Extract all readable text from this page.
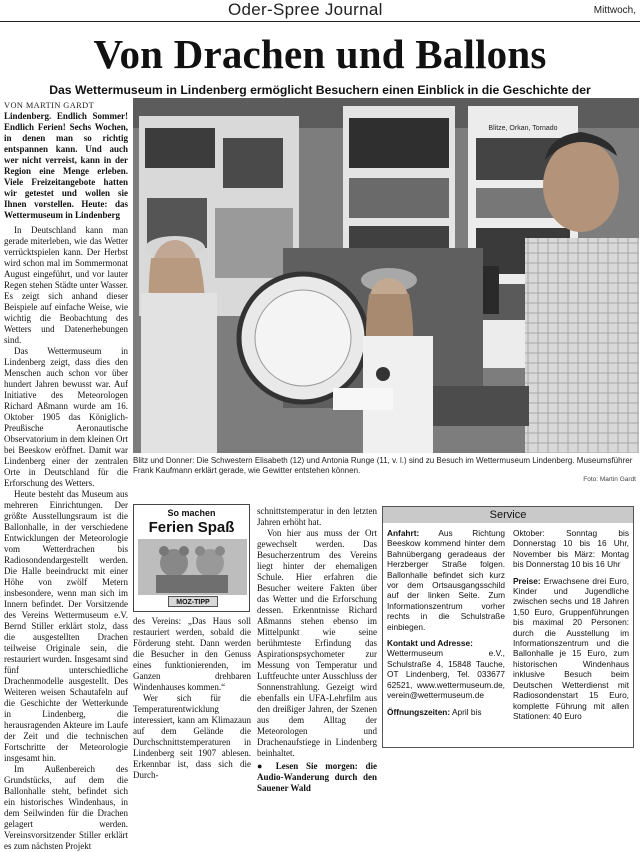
Oder-Spree Journal	Mittwoch,
Von Drachen und Ballons
Das Wettermuseum in Lindenberg ermöglicht Besuchern einen Einblick in die Geschichte der
VON MARTIN GARDT

Lindenberg. Endlich Sommer! Endlich Ferien! Sechs Wochen, in denen man so richtig entspannen kann. Und auch wer nicht verreist, kann in der Region eine Menge erleben. Viele Freizeitangebote hatten wir getestet und wollen sie Ihnen vorstellen. Heute: das Wettermuseum in Lindenberg

In Deutschland kann man gerade miterleben, wie das Wetter verrücktspielen kann. Der Herbst wird schon mal im Sommermonat August eingeführt, und vor lauter Regen stehen Städte unter Wasser. Es zeigt sich anhand dieser Beispiele auf einfache Weise, wie wichtig die Beobachtung des Wetters und Datenerhebungen sind.

Das Wettermuseum in Lindenberg zeigt, dass dies den Menschen auch schon vor über hundert Jahren bewusst war. Auf Initiative des Meteorologen Richard Aßmann wurde am 16. Oktober 1905 das Königlich-Preußische Aeronautische Observatorium in dem kleinen Ort bei Beeskow eröffnet. Damit war Lindenberg einer der zentralen Orte in Deutschland für die Erforschung des Wetters.

Heute besteht das Museum aus mehreren Einrichtungen. Der größte Ausstellungsraum ist die Ballonhalle, in der verschiedene Entwicklungen der Meteorologie vom Wetterdrachen bis Radiosondendargestellt werden. Die Halle beeindruckt mit einer Höhe von zwölf Metern insbesondere, wenn man sich im Innern befindet. Der Vorsitzende des Vereins Wettermuseum e.V. Bernd Stiller erklärt stolz, dass die ausgestellten Drachen teilweise Originale sein, die restauriert wurden. Insgesamt sind fünf unterschiedliche Drachenmodelle ausgestellt. Des Weiteren weisen Schautafeln auf die Geschichte der Wetterkunde in Lindenberg, die herausragenden Akteure im Laufe der Zeit und die technischen Fortschritte der Meteorologie insgesamt hin.

Im Außenbereich des Grundstücks, auf dem die Ballonhalle steht, befindet sich ein historisches Windenhaus, in dem Seilwinden für die Drachen gelagert werden. Vereinsvorsitzender Stiller erklärt es zum nächsten Projekt

Blitze, Orkan, Tornado
Blitz und Donner: Die Schwestern Elisabeth (12) und Antonia Runge (11, v. l.) sind zu Besuch im Wettermuseum Lindenberg. Museumsführer Frank Kaufmann erklärt gerade, wie Gewitter entstehen können.
Foto: Martin Gardt
So machen
Ferien Spaß
MOZ-TIPP

des Vereins: „Das Haus soll restauriert werden, sobald die Förderung steht. Dann werden die Besucher in den Genuss eines funktionierenden, im Ganzen drehbaren Windenhauses kommen.“

Wer sich für die Temperaturentwicklung interessiert, kann am Klimazaun auf dem Gelände die Durchschnittstemperaturen in Lindenberg seit 1907 ablesen. Erkennbar ist, dass sich die Durch-

schnittstemperatur in den letzten Jahren erhöht hat.

Von hier aus muss der Ort gewechselt werden. Das Besucherzentrum des Vereins liegt hinter der ehemaligen Schule. Hier erfahren die Besucher weitere Fakten über das Wetter und die Erforschung dessen. Erkenntnisse Richard Aßmanns stehen ebenso im Mittelpunkt wie seine berühmteste Erfindung das Aspirationspsychometer zur Messung von Temperatur und Luftfeuchte unter Ausschluss der Sonnenstrahlung. Gezeigt wird ebenfalls ein UFA-Lehrfilm aus den dreißiger Jahren, der Szenen aus dem Alltag der Meteorologen und Drachenaufstiege in Lindenberg beinhaltet.

● Lesen Sie morgen: die Audio-Wanderung durch den Sauener Wald

Service

Anfahrt: Aus Richtung Beeskow kommend hinter dem Bahnübergang geradeaus der Herzberger Straße folgen. Ballonhalle befindet sich kurz vor dem Ortsausgangsschild auf der linken Seite. Zum Informationszentrum vorher rechts in die Schulstraße einbiegen.

Kontakt und Adresse:
Wettermuseum e.V., Schulstraße 4, 15848 Tauche, OT Lindenberg, Tel. 033677 62521, www.wettermuseum.de, verein@wettermuseum.de

Öffnungszeiten: April bis

Oktober: Sonntag bis Donnerstag 10 bis 16 Uhr, November bis März: Montag bis Donnerstag 10 bis 16 Uhr

Preise: Erwachsene drei Euro, Kinder und Jugendliche zwischen sechs und 18 Jahren 1,50 Euro, Gruppenführungen bis maximal 20 Personen: durch die Ausstellung im Informationszentrum und die Ballonhalle je 15 Euro, zum historischen Windenhaus inklusive Besuch beim Deutschen Wetterdienst mit Radiosondenstart 15 Euro, komplette Führung mit allen Stationen: 40 Euro
